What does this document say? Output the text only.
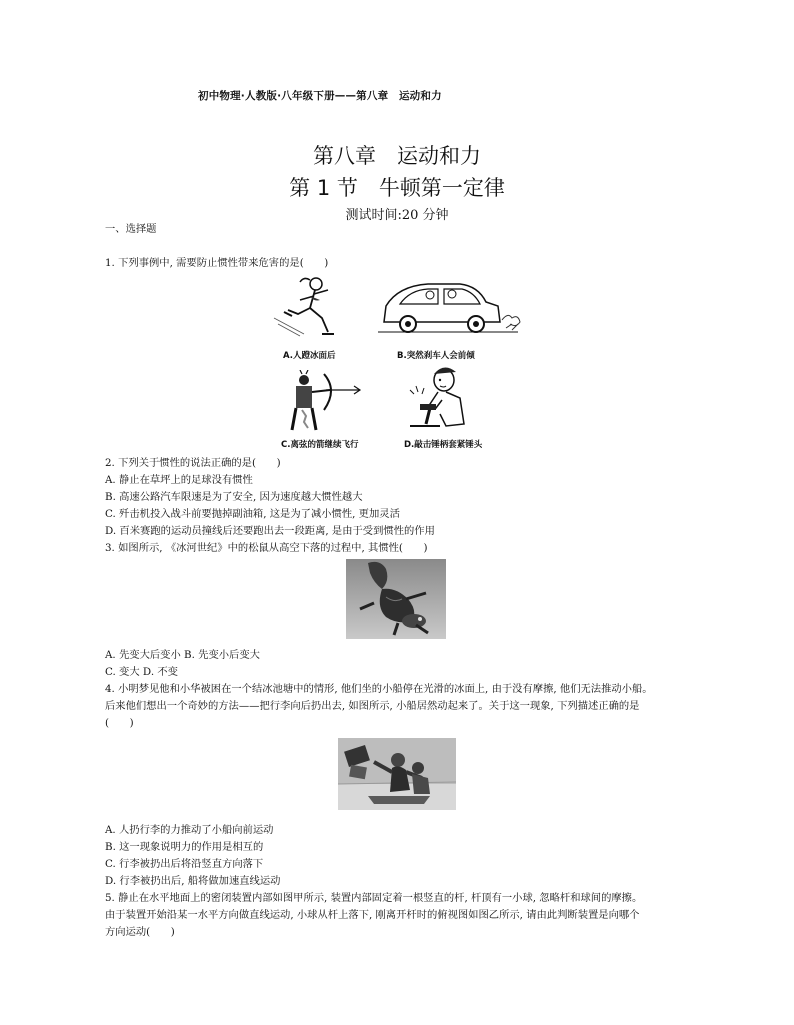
初中物理·人教版·八年级下册——第八章　运动和力
第八章　运动和力
第 1 节　牛顿第一定律
测试时间:20 分钟
一、选择题
1. 下列事例中, 需要防止惯性带来危害的是(　　)
A.人蹬冰面后	B.突然刹车人会前倾
C.离弦的箭继续飞行	D.敲击锤柄套紧锤头
2. 下列关于惯性的说法正确的是(　　)
A. 静止在草坪上的足球没有惯性
B. 高速公路汽车限速是为了安全, 因为速度越大惯性越大
C. 歼击机投入战斗前要抛掉副油箱, 这是为了减小惯性, 更加灵活
D. 百米赛跑的运动员撞线后还要跑出去一段距离, 是由于受到惯性的作用
3. 如图所示, 《冰河世纪》中的松鼠从高空下落的过程中, 其惯性(　　)
A. 先变大后变小 B. 先变小后变大
C. 变大 D. 不变
4. 小明梦见他和小华被困在一个结冰池塘中的情形, 他们坐的小船停在光滑的冰面上, 由于没有摩擦, 他们无法推动小船。
后来他们想出一个奇妙的方法——把行李向后扔出去, 如图所示, 小船居然动起来了。关于这一现象, 下列描述正确的是
(　　)
A. 人扔行李的力推动了小船向前运动
B. 这一现象说明力的作用是相互的
C. 行李被扔出后将沿竖直方向落下
D. 行李被扔出后, 船将做加速直线运动
5. 静止在水平地面上的密闭装置内部如图甲所示, 装置内部固定着一根竖直的杆, 杆顶有一小球, 忽略杆和球间的摩擦。
由于装置开始沿某一水平方向做直线运动, 小球从杆上落下, 刚离开杆时的俯视图如图乙所示, 请由此判断装置是向哪个
方向运动(　　)
